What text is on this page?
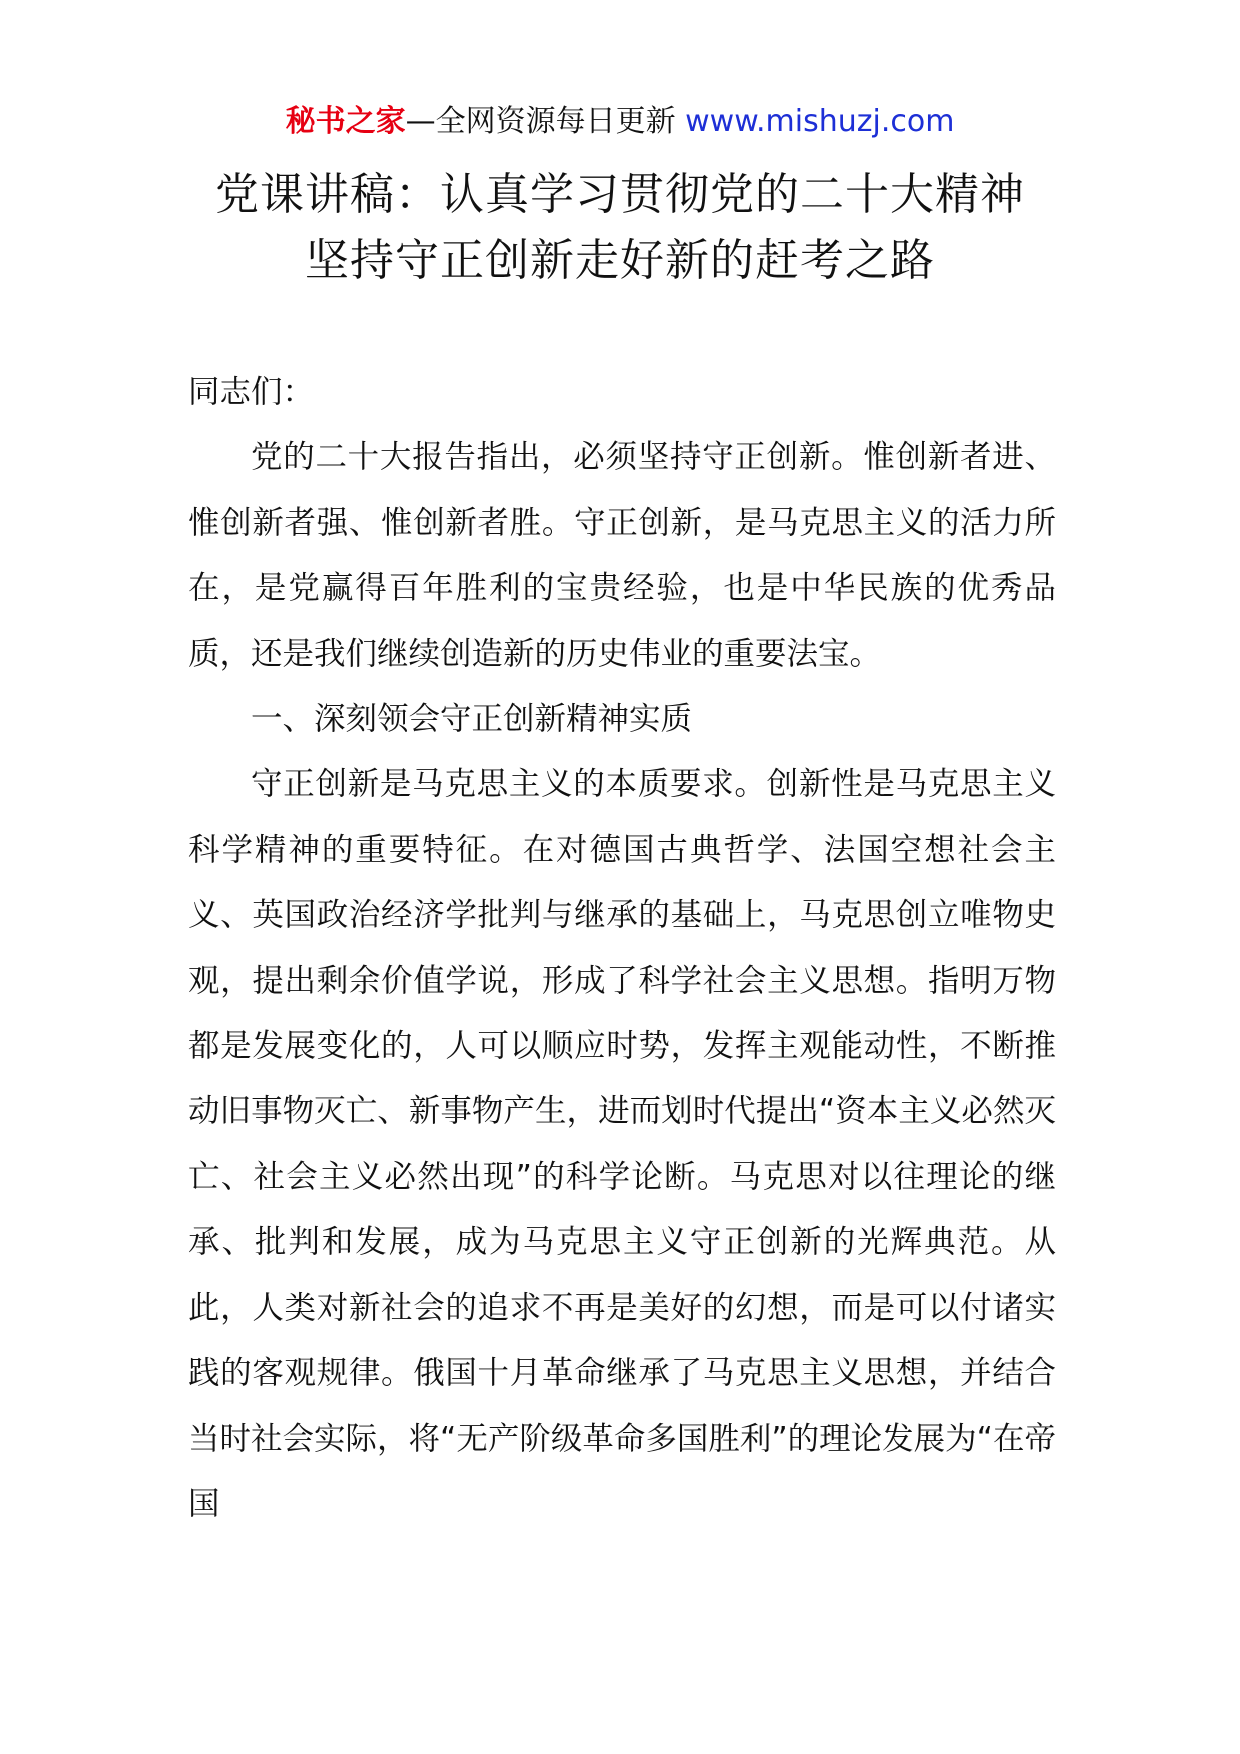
秘书之家—全网资源每日更新 www.mishuzj.com
党课讲稿：认真学习贯彻党的二十大精神
坚持守正创新走好新的赶考之路

同志们：

党的二十大报告指出，必须坚持守正创新。惟创新者进、惟创新者强、惟创新者胜。守正创新，是马克思主义的活力所在，是党赢得百年胜利的宝贵经验，也是中华民族的优秀品质，还是我们继续创造新的历史伟业的重要法宝。

一、深刻领会守正创新精神实质

守正创新是马克思主义的本质要求。创新性是马克思主义科学精神的重要特征。在对德国古典哲学、法国空想社会主义、英国政治经济学批判与继承的基础上，马克思创立唯物史观，提出剩余价值学说，形成了科学社会主义思想。指明万物都是发展变化的，人可以顺应时势，发挥主观能动性，不断推动旧事物灭亡、新事物产生，进而划时代提出“资本主义必然灭亡、社会主义必然出现”的科学论断。马克思对以往理论的继承、批判和发展，成为马克思主义守正创新的光辉典范。从此，人类对新社会的追求不再是美好的幻想，而是可以付诸实践的客观规律。俄国十月革命继承了马克思主义思想，并结合当时社会实际，将“无产阶级革命多国胜利”的理论发展为“在帝国
